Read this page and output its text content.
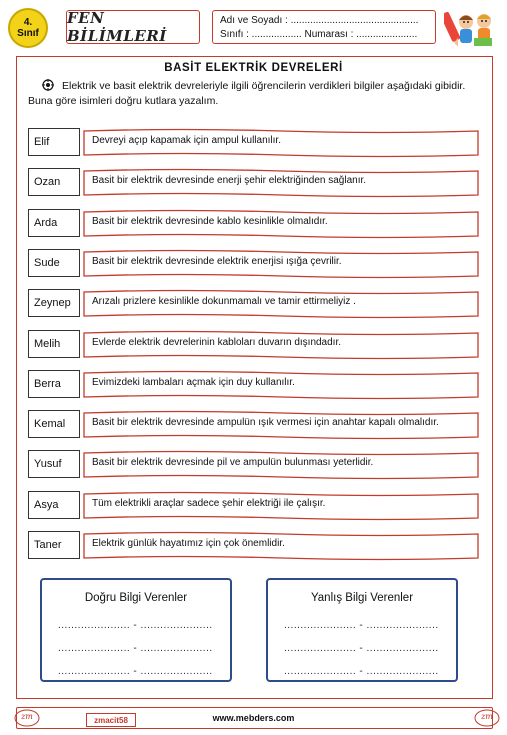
4.
Sınıf
FEN BİLİMLERİ
Adı ve Soyadı : ..............................................
Sınıfı : .................. Numarası : ......................
BASİT ELEKTRİK DEVRELERİ
Elektrik ve basit elektrik devreleriyle ilgili öğrencilerin verdikleri bilgiler aşağıdaki gibidir. Buna göre isimleri doğru kutlara yazalım.
Elif	Devreyi açıp kapamak için ampul kullanılır.
Ozan	Basit bir elektrik devresinde enerji şehir elektriğinden sağlanır.
Arda	Basit bir elektrik devresinde kablo kesinlikle olmalıdır.
Sude	Basit bir elektrik devresinde elektrik enerjisi ışığa çevrilir.
Zeynep	Arızalı prizlere kesinlikle dokunmamalı ve tamir ettirmeliyiz .
Melih	Evlerde elektrik devrelerinin kabloları duvarın dışındadır.
Berra	Evimizdeki lambaları açmak için duy kullanılır.
Kemal	Basit bir elektrik devresinde ampulün ışık vermesi için anahtar kapalı olmalıdır.
Yusuf	Basit bir elektrik devresinde pil ve ampulün bulunması yeterlidir.
Asya	Tüm elektrikli araçlar sadece şehir elektriği ile çalışır.
Taner	Elektrik günlük hayatımız için çok önemlidir.
Doğru Bilgi Verenler
...................... - ......................
...................... - ......................
...................... - ......................
Yanlış Bilgi Verenler
...................... - ......................
...................... - ......................
...................... - ......................
zm	zmacit58	www.mebders.com	zm
